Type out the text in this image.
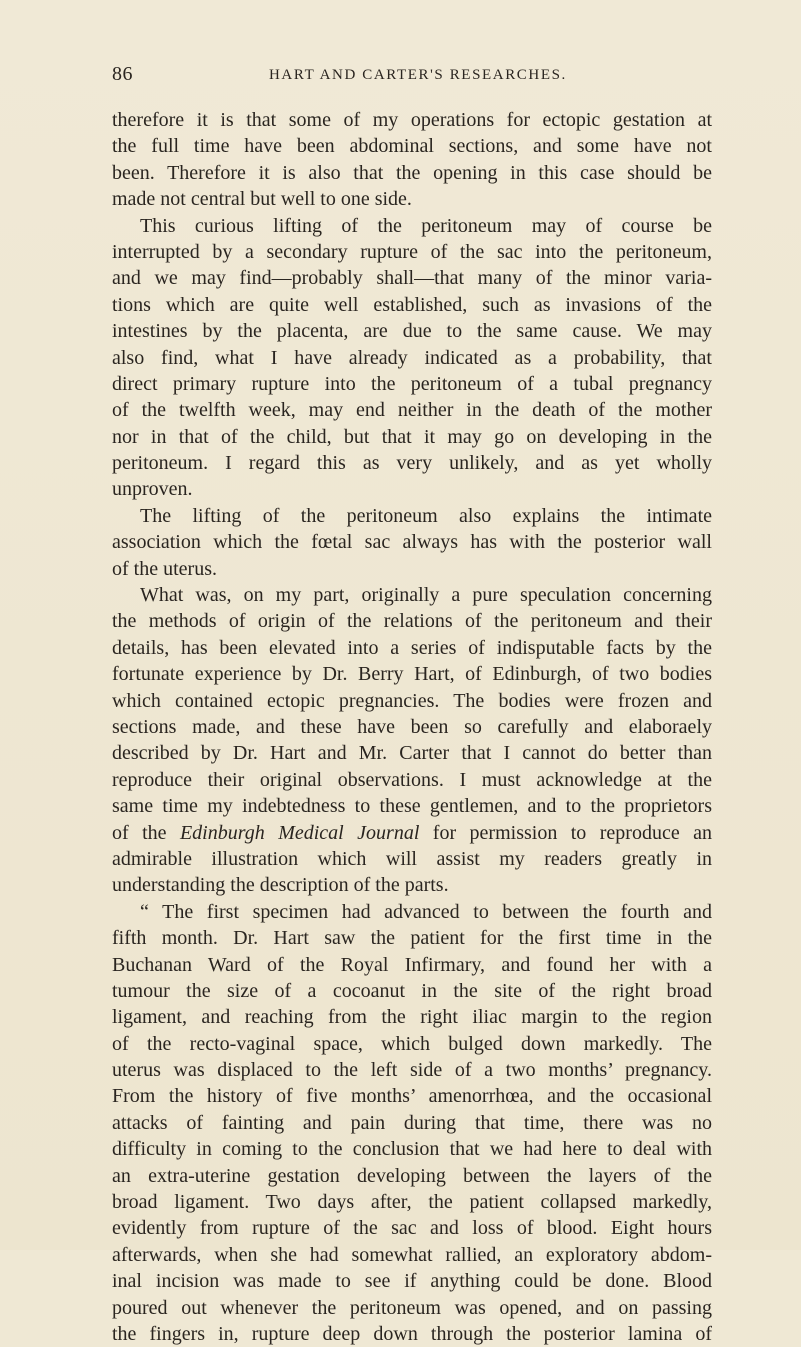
86	HART AND CARTER'S RESEARCHES.
therefore it is that some of my operations for ectopic gestation at
the full time have been abdominal sections, and some have not
been. Therefore it is also that the opening in this case should be
made not central but well to one side.
This curious lifting of the peritoneum may of course be
interrupted by a secondary rupture of the sac into the peritoneum,
and we may find—probably shall—that many of the minor varia-
tions which are quite well established, such as invasions of the
intestines by the placenta, are due to the same cause. We may
also find, what I have already indicated as a probability, that
direct primary rupture into the peritoneum of a tubal pregnancy
of the twelfth week, may end neither in the death of the mother
nor in that of the child, but that it may go on developing in the
peritoneum. I regard this as very unlikely, and as yet wholly
unproven.
The lifting of the peritoneum also explains the intimate
association which the fœtal sac always has with the posterior wall
of the uterus.
What was, on my part, originally a pure speculation concerning
the methods of origin of the relations of the peritoneum and their
details, has been elevated into a series of indisputable facts by the
fortunate experience by Dr. Berry Hart, of Edinburgh, of two bodies
which contained ectopic pregnancies. The bodies were frozen and
sections made, and these have been so carefully and elaboraely
described by Dr. Hart and Mr. Carter that I cannot do better than
reproduce their original observations. I must acknowledge at the
same time my indebtedness to these gentlemen, and to the proprietors
of the Edinburgh Medical Journal for permission to reproduce an
admirable illustration which will assist my readers greatly in
understanding the description of the parts.
“ The first specimen had advanced to between the fourth and
fifth month. Dr. Hart saw the patient for the first time in the
Buchanan Ward of the Royal Infirmary, and found her with a
tumour the size of a cocoanut in the site of the right broad
ligament, and reaching from the right iliac margin to the region
of the recto-vaginal space, which bulged down markedly. The
uterus was displaced to the left side of a two months’ pregnancy.
From the history of five months’ amenorrhœa, and the occasional
attacks of fainting and pain during that time, there was no
difficulty in coming to the conclusion that we had here to deal with
an extra-uterine gestation developing between the layers of the
broad ligament. Two days after, the patient collapsed markedly,
evidently from rupture of the sac and loss of blood. Eight hours
afterwards, when she had somewhat rallied, an exploratory abdom-
inal incision was made to see if anything could be done. Blood
poured out whenever the peritoneum was opened, and on passing
the fingers in, rupture deep down through the posterior lamina of
